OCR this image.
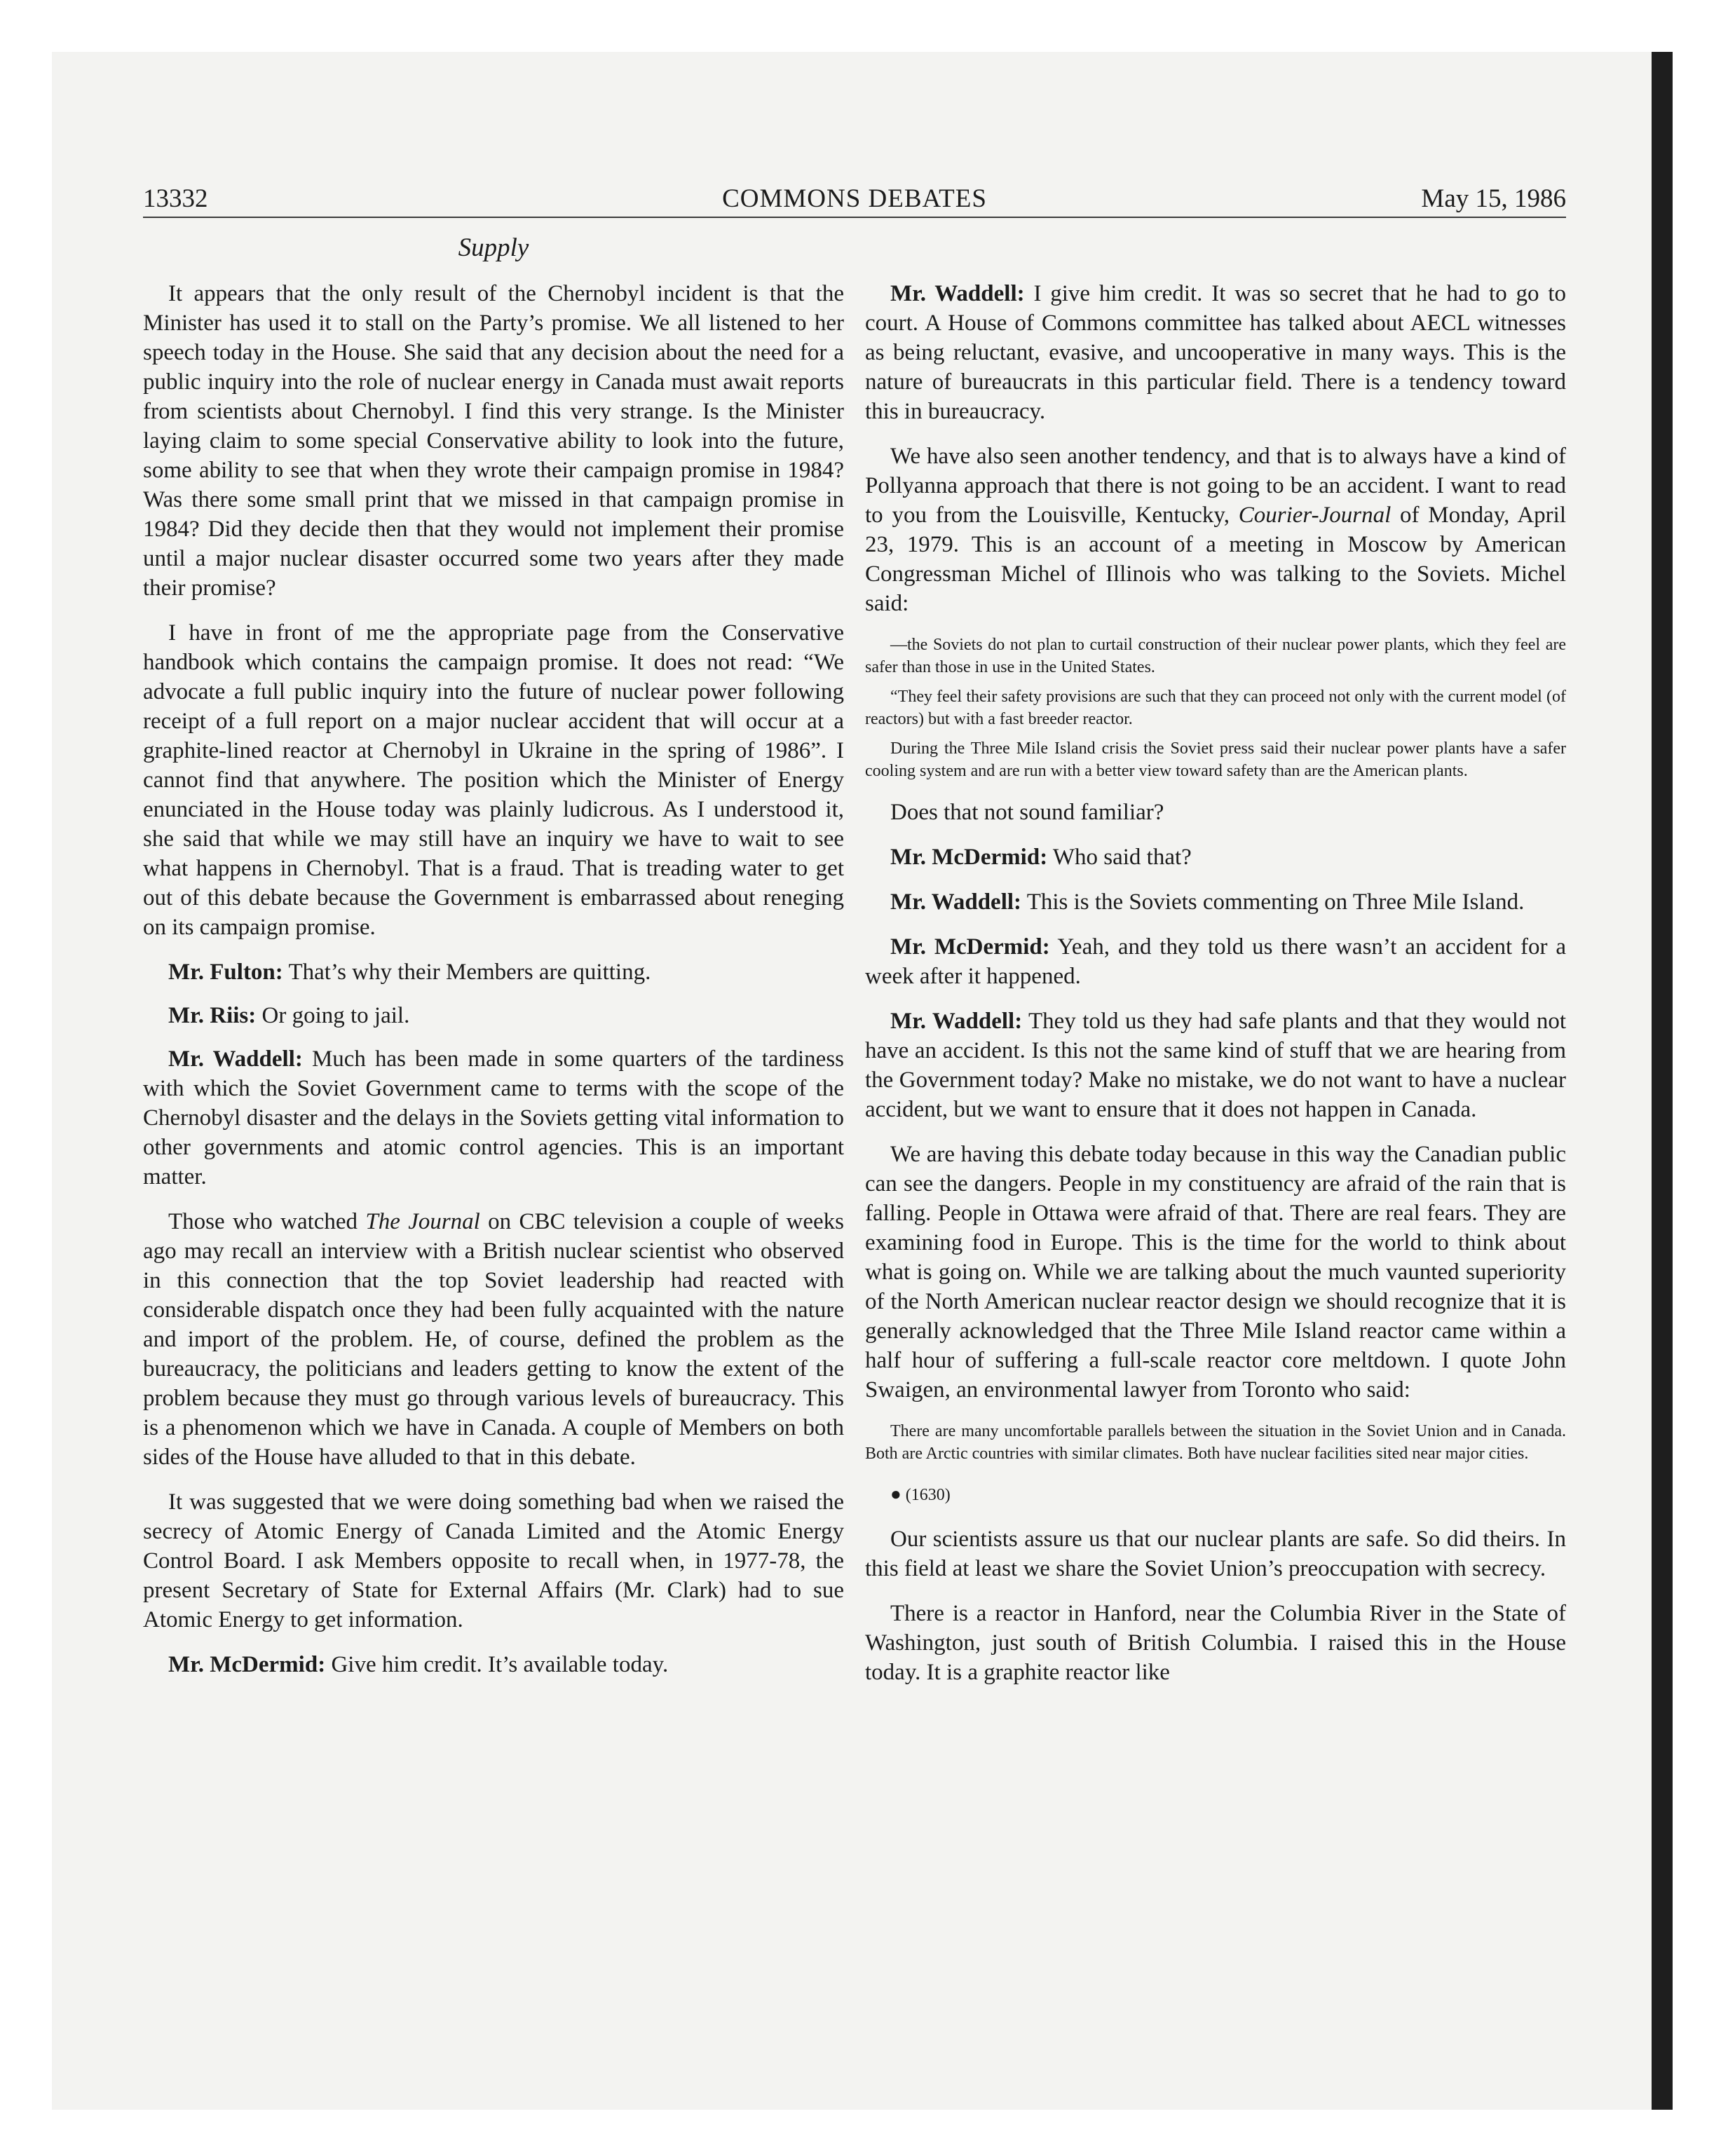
13332	COMMONS DEBATES	May 15, 1986
Supply

It appears that the only result of the Chernobyl incident is that the Minister has used it to stall on the Party’s promise. We all listened to her speech today in the House. She said that any decision about the need for a public inquiry into the role of nuclear energy in Canada must await reports from scientists about Chernobyl. I find this very strange. Is the Minister laying claim to some special Conservative ability to look into the future, some ability to see that when they wrote their campaign promise in 1984? Was there some small print that we missed in that campaign promise in 1984? Did they decide then that they would not implement their promise until a major nuclear disaster occurred some two years after they made their promise?

I have in front of me the appropriate page from the Conservative handbook which contains the campaign promise. It does not read: “We advocate a full public inquiry into the future of nuclear power following receipt of a full report on a major nuclear accident that will occur at a graphite-lined reactor at Chernobyl in Ukraine in the spring of 1986”. I cannot find that anywhere. The position which the Minister of Energy enunciated in the House today was plainly ludicrous. As I understood it, she said that while we may still have an inquiry we have to wait to see what happens in Chernobyl. That is a fraud. That is treading water to get out of this debate because the Government is embarrassed about reneging on its campaign promise.

Mr. Fulton: That’s why their Members are quitting.

Mr. Riis: Or going to jail.

Mr. Waddell: Much has been made in some quarters of the tardiness with which the Soviet Government came to terms with the scope of the Chernobyl disaster and the delays in the Soviets getting vital information to other governments and atomic control agencies. This is an important matter.

Those who watched The Journal on CBC television a couple of weeks ago may recall an interview with a British nuclear scientist who observed in this connection that the top Soviet leadership had reacted with considerable dispatch once they had been fully acquainted with the nature and import of the problem. He, of course, defined the problem as the bureaucracy, the politicians and leaders getting to know the extent of the problem because they must go through various levels of bureaucracy. This is a phenomenon which we have in Canada. A couple of Members on both sides of the House have alluded to that in this debate.

It was suggested that we were doing something bad when we raised the secrecy of Atomic Energy of Canada Limited and the Atomic Energy Control Board. I ask Members opposite to recall when, in 1977-78, the present Secretary of State for External Affairs (Mr. Clark) had to sue Atomic Energy to get information.

Mr. McDermid: Give him credit. It’s available today.

Mr. Waddell: I give him credit. It was so secret that he had to go to court. A House of Commons committee has talked about AECL witnesses as being reluctant, evasive, and uncooperative in many ways. This is the nature of bureaucrats in this particular field. There is a tendency toward this in bureaucracy.

We have also seen another tendency, and that is to always have a kind of Pollyanna approach that there is not going to be an accident. I want to read to you from the Louisville, Kentucky, Courier-Journal of Monday, April 23, 1979. This is an account of a meeting in Moscow by American Congressman Michel of Illinois who was talking to the Soviets. Michel said:

—the Soviets do not plan to curtail construction of their nuclear power plants, which they feel are safer than those in use in the United States.

“They feel their safety provisions are such that they can proceed not only with the current model (of reactors) but with a fast breeder reactor.

During the Three Mile Island crisis the Soviet press said their nuclear power plants have a safer cooling system and are run with a better view toward safety than are the American plants.

Does that not sound familiar?

Mr. McDermid: Who said that?

Mr. Waddell: This is the Soviets commenting on Three Mile Island.

Mr. McDermid: Yeah, and they told us there wasn’t an accident for a week after it happened.

Mr. Waddell: They told us they had safe plants and that they would not have an accident. Is this not the same kind of stuff that we are hearing from the Government today? Make no mistake, we do not want to have a nuclear accident, but we want to ensure that it does not happen in Canada.

We are having this debate today because in this way the Canadian public can see the dangers. People in my constituency are afraid of the rain that is falling. People in Ottawa were afraid of that. There are real fears. They are examining food in Europe. This is the time for the world to think about what is going on. While we are talking about the much vaunted superiority of the North American nuclear reactor design we should recognize that it is generally acknowledged that the Three Mile Island reactor came within a half hour of suffering a full-scale reactor core meltdown. I quote John Swaigen, an environmental lawyer from Toronto who said:

There are many uncomfortable parallels between the situation in the Soviet Union and in Canada. Both are Arctic countries with similar climates. Both have nuclear facilities sited near major cities.

● (1630)

Our scientists assure us that our nuclear plants are safe. So did theirs. In this field at least we share the Soviet Union’s preoccupation with secrecy.

There is a reactor in Hanford, near the Columbia River in the State of Washington, just south of British Columbia. I raised this in the House today. It is a graphite reactor like
